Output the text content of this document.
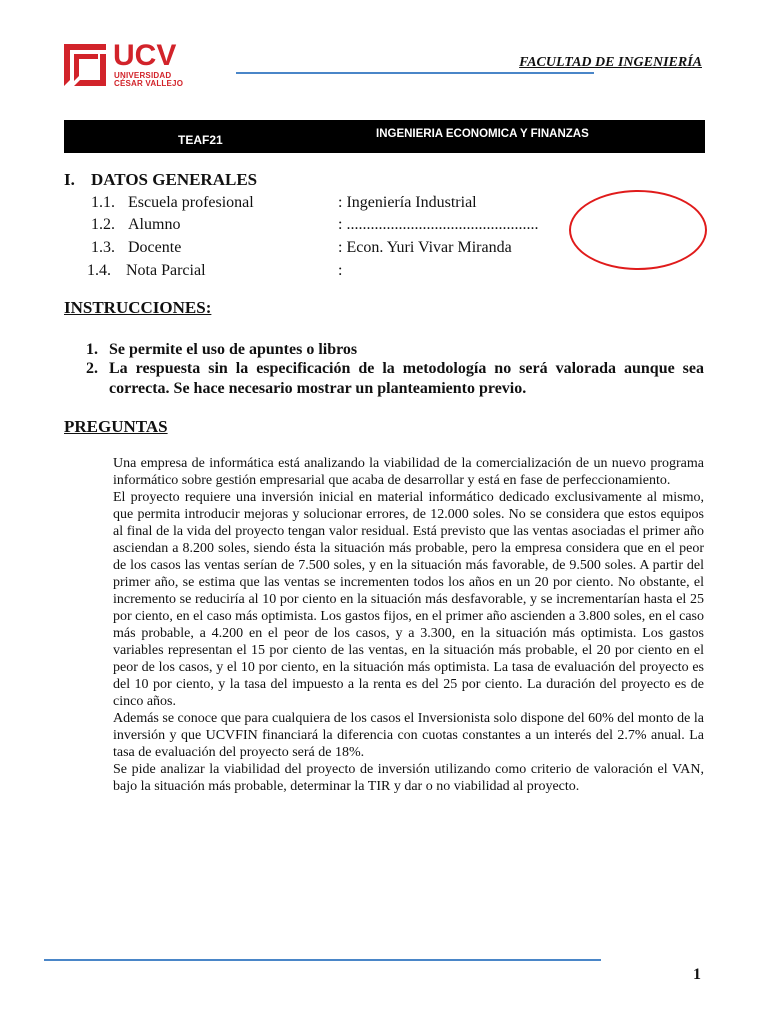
UCV
UNIVERSIDAD
CÉSAR VALLEJO
FACULTAD DE INGENIERÍA
TEAF21	INGENIERIA ECONOMICA Y FINANZAS
I. DATOS GENERALES
1.1. Escuela profesional	: Ingeniería Industrial
1.2. Alumno	: ................................................
1.3. Docente	: Econ. Yuri Vivar Miranda
1.4. Nota Parcial	:
INSTRUCCIONES:
1. Se permite el uso de apuntes o libros
2. La respuesta sin la especificación de la metodología no será valorada aunque sea correcta. Se hace necesario mostrar un planteamiento previo.
PREGUNTAS

Una empresa de informática está analizando la viabilidad de la comercialización de un nuevo programa informático sobre gestión empresarial que acaba de desarrollar y está en fase de perfeccionamiento.

El proyecto requiere una inversión inicial en material informático dedicado exclusivamente al mismo, que permita introducir mejoras y solucionar errores, de 12.000 soles. No se considera que estos equipos al final de la vida del proyecto tengan valor residual. Está previsto que las ventas asociadas el primer año asciendan a 8.200 soles, siendo ésta la situación más probable, pero la empresa considera que en el peor de los casos las ventas serían de 7.500 soles, y en la situación más favorable, de 9.500 soles. A partir del primer año, se estima que las ventas se incrementen todos los años en un 20 por ciento. No obstante, el incremento se reduciría al 10 por ciento en la situación más desfavorable, y se incrementarían hasta el 25 por ciento, en el caso más optimista. Los gastos fijos, en el primer año ascienden a 3.800 soles, en el caso más probable, a 4.200 en el peor de los casos, y a 3.300, en la situación más optimista. Los gastos variables representan el 15 por ciento de las ventas, en la situación más probable, el 20 por ciento en el peor de los casos, y el 10 por ciento, en la situación más optimista. La tasa de evaluación del proyecto es del 10 por ciento, y la tasa del impuesto a la renta es del 25 por ciento. La duración del proyecto es de cinco años.

Además se conoce que para cualquiera de los casos el Inversionista solo dispone del 60% del monto de la inversión y que UCVFIN financiará la diferencia con cuotas constantes a un interés del 2.7% anual. La tasa de evaluación del proyecto será de 18%.

Se pide analizar la viabilidad del proyecto de inversión utilizando como criterio de valoración el VAN, bajo la situación más probable, determinar la TIR y dar o no viabilidad al proyecto.

1
